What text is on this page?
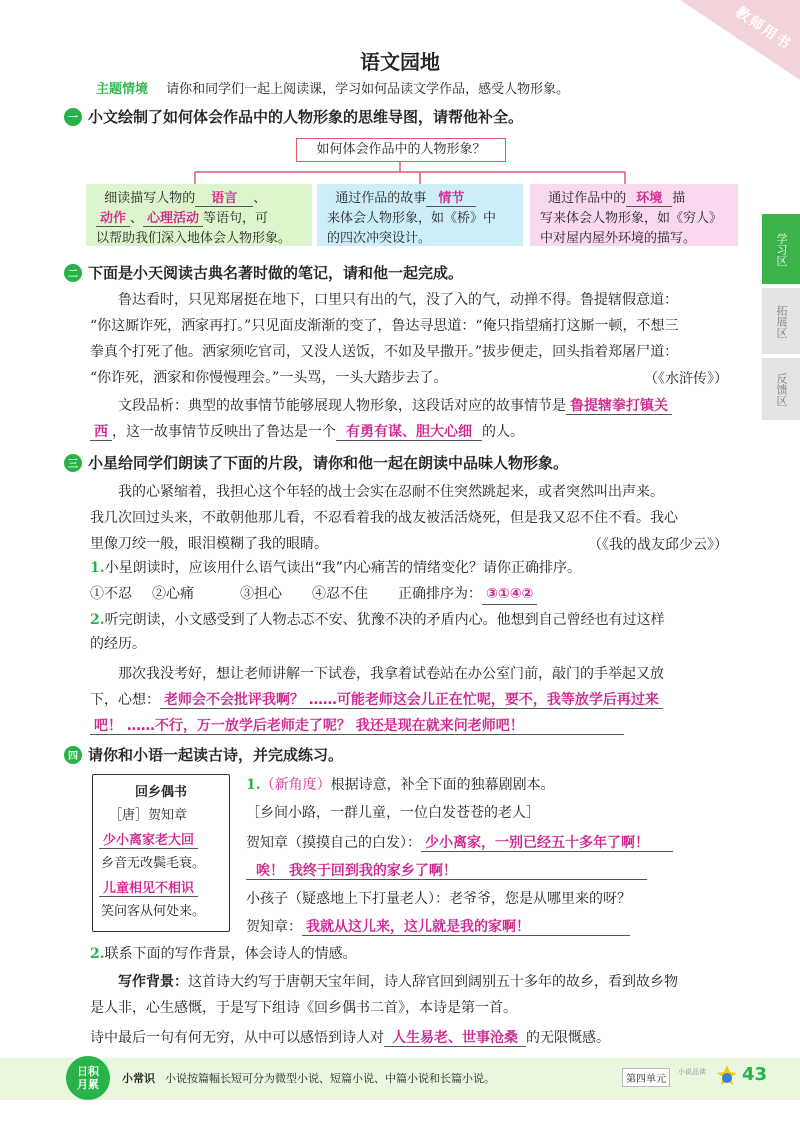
教师用书
语文园地
主题情境 请你和同学们一起上阅读课，学习如何品读文学作品，感受人物形象。
一 小文绘制了如何体会作品中的人物形象的思维导图，请帮他补全。
如何体会作品中的人物形象？
细读描写人物的 语言 、
动作 、 心理活动 等语句，可
以帮助我们深入地体会人物形象。
通过作品的故事 情节
来体会人物形象，如《桥》中
的四次冲突设计。
通过作品中的 环境 描
写来体会人物形象，如《穷人》
中对屋内屋外环境的描写。
二 下面是小天阅读古典名著时做的笔记，请和他一起完成。
鲁达看时，只见郑屠挺在地下，口里只有出的气，没了入的气，动掸不得。鲁提辖假意道：
“你这厮诈死，洒家再打。”只见面皮渐渐的变了，鲁达寻思道：“俺只指望痛打这厮一顿，不想三
拳真个打死了他。洒家须吃官司，又没人送饭，不如及早撒开。”拔步便走，回头指着郑屠尸道：
“你诈死，洒家和你慢慢理会。”一头骂，一头大踏步去了。	（《水浒传》）
文段品析：典型的故事情节能够展现人物形象，这段话对应的故事情节是 鲁提辖拳打镇关
西 ，这一故事情节反映出了鲁达是一个 有勇有谋、胆大心细 的人。
三 小星给同学们朗读了下面的片段，请你和他一起在朗读中品味人物形象。
我的心紧缩着，我担心这个年轻的战士会实在忍耐不住突然跳起来，或者突然叫出声来。
我几次回过头来，不敢朝他那儿看，不忍看着我的战友被活活烧死，但是我又忍不住不看。我心
里像刀绞一般，眼泪模糊了我的眼睛。	（《我的战友邱少云》）
1.小星朗读时，应该用什么语气读出“我”内心痛苦的情绪变化？请你正确排序。
①不忍	②心痛	③担心	④忍不住	正确排序为： ③①④②
2.听完朗读，小文感受到了人物忐忑不安、犹豫不决的矛盾内心。他想到自己曾经也有过这样
的经历。
那次我没考好，想让老师讲解一下试卷，我拿着试卷站在办公室门前，敲门的手举起又放
下，心想： 老师会不会批评我啊？ ……可能老师这会儿正在忙呢，要不，我等放学后再过来
吧！ ……不行，万一放学后老师走了呢？ 我还是现在就来问老师吧！
四 请你和小语一起读古诗，并完成练习。
回乡偶书
［唐］贺知章
少小离家老大回
乡音无改鬓毛衰。
儿童相见不相识
笑问客从何处来。
1.（新角度）根据诗意，补全下面的独幕剧剧本。
［乡间小路，一群儿童，一位白发苍苍的老人］
贺知章（摸摸自己的白发）： 少小离家，一别已经五十多年了啊！
唉！ 我终于回到我的家乡了啊！
小孩子（疑惑地上下打量老人）：老爷爷，您是从哪里来的呀？
贺知章： 我就从这儿来，这儿就是我的家啊！
2.联系下面的写作背景，体会诗人的情感。
写作背景：这首诗大约写于唐朝天宝年间，诗人辞官回到阔别五十多年的故乡，看到故乡物
是人非，心生感慨，于是写下组诗《回乡偶书二首》，本诗是第一首。
诗中最后一句有何无穷，从中可以感悟到诗人对 人生易老、世事沧桑 的无限慨感。
学习区
拓展区
反馈区
日积月累	小常识 小说按篇幅长短可分为微型小说、短篇小说、中篇小说和长篇小说。	第四单元
小说品读 43
